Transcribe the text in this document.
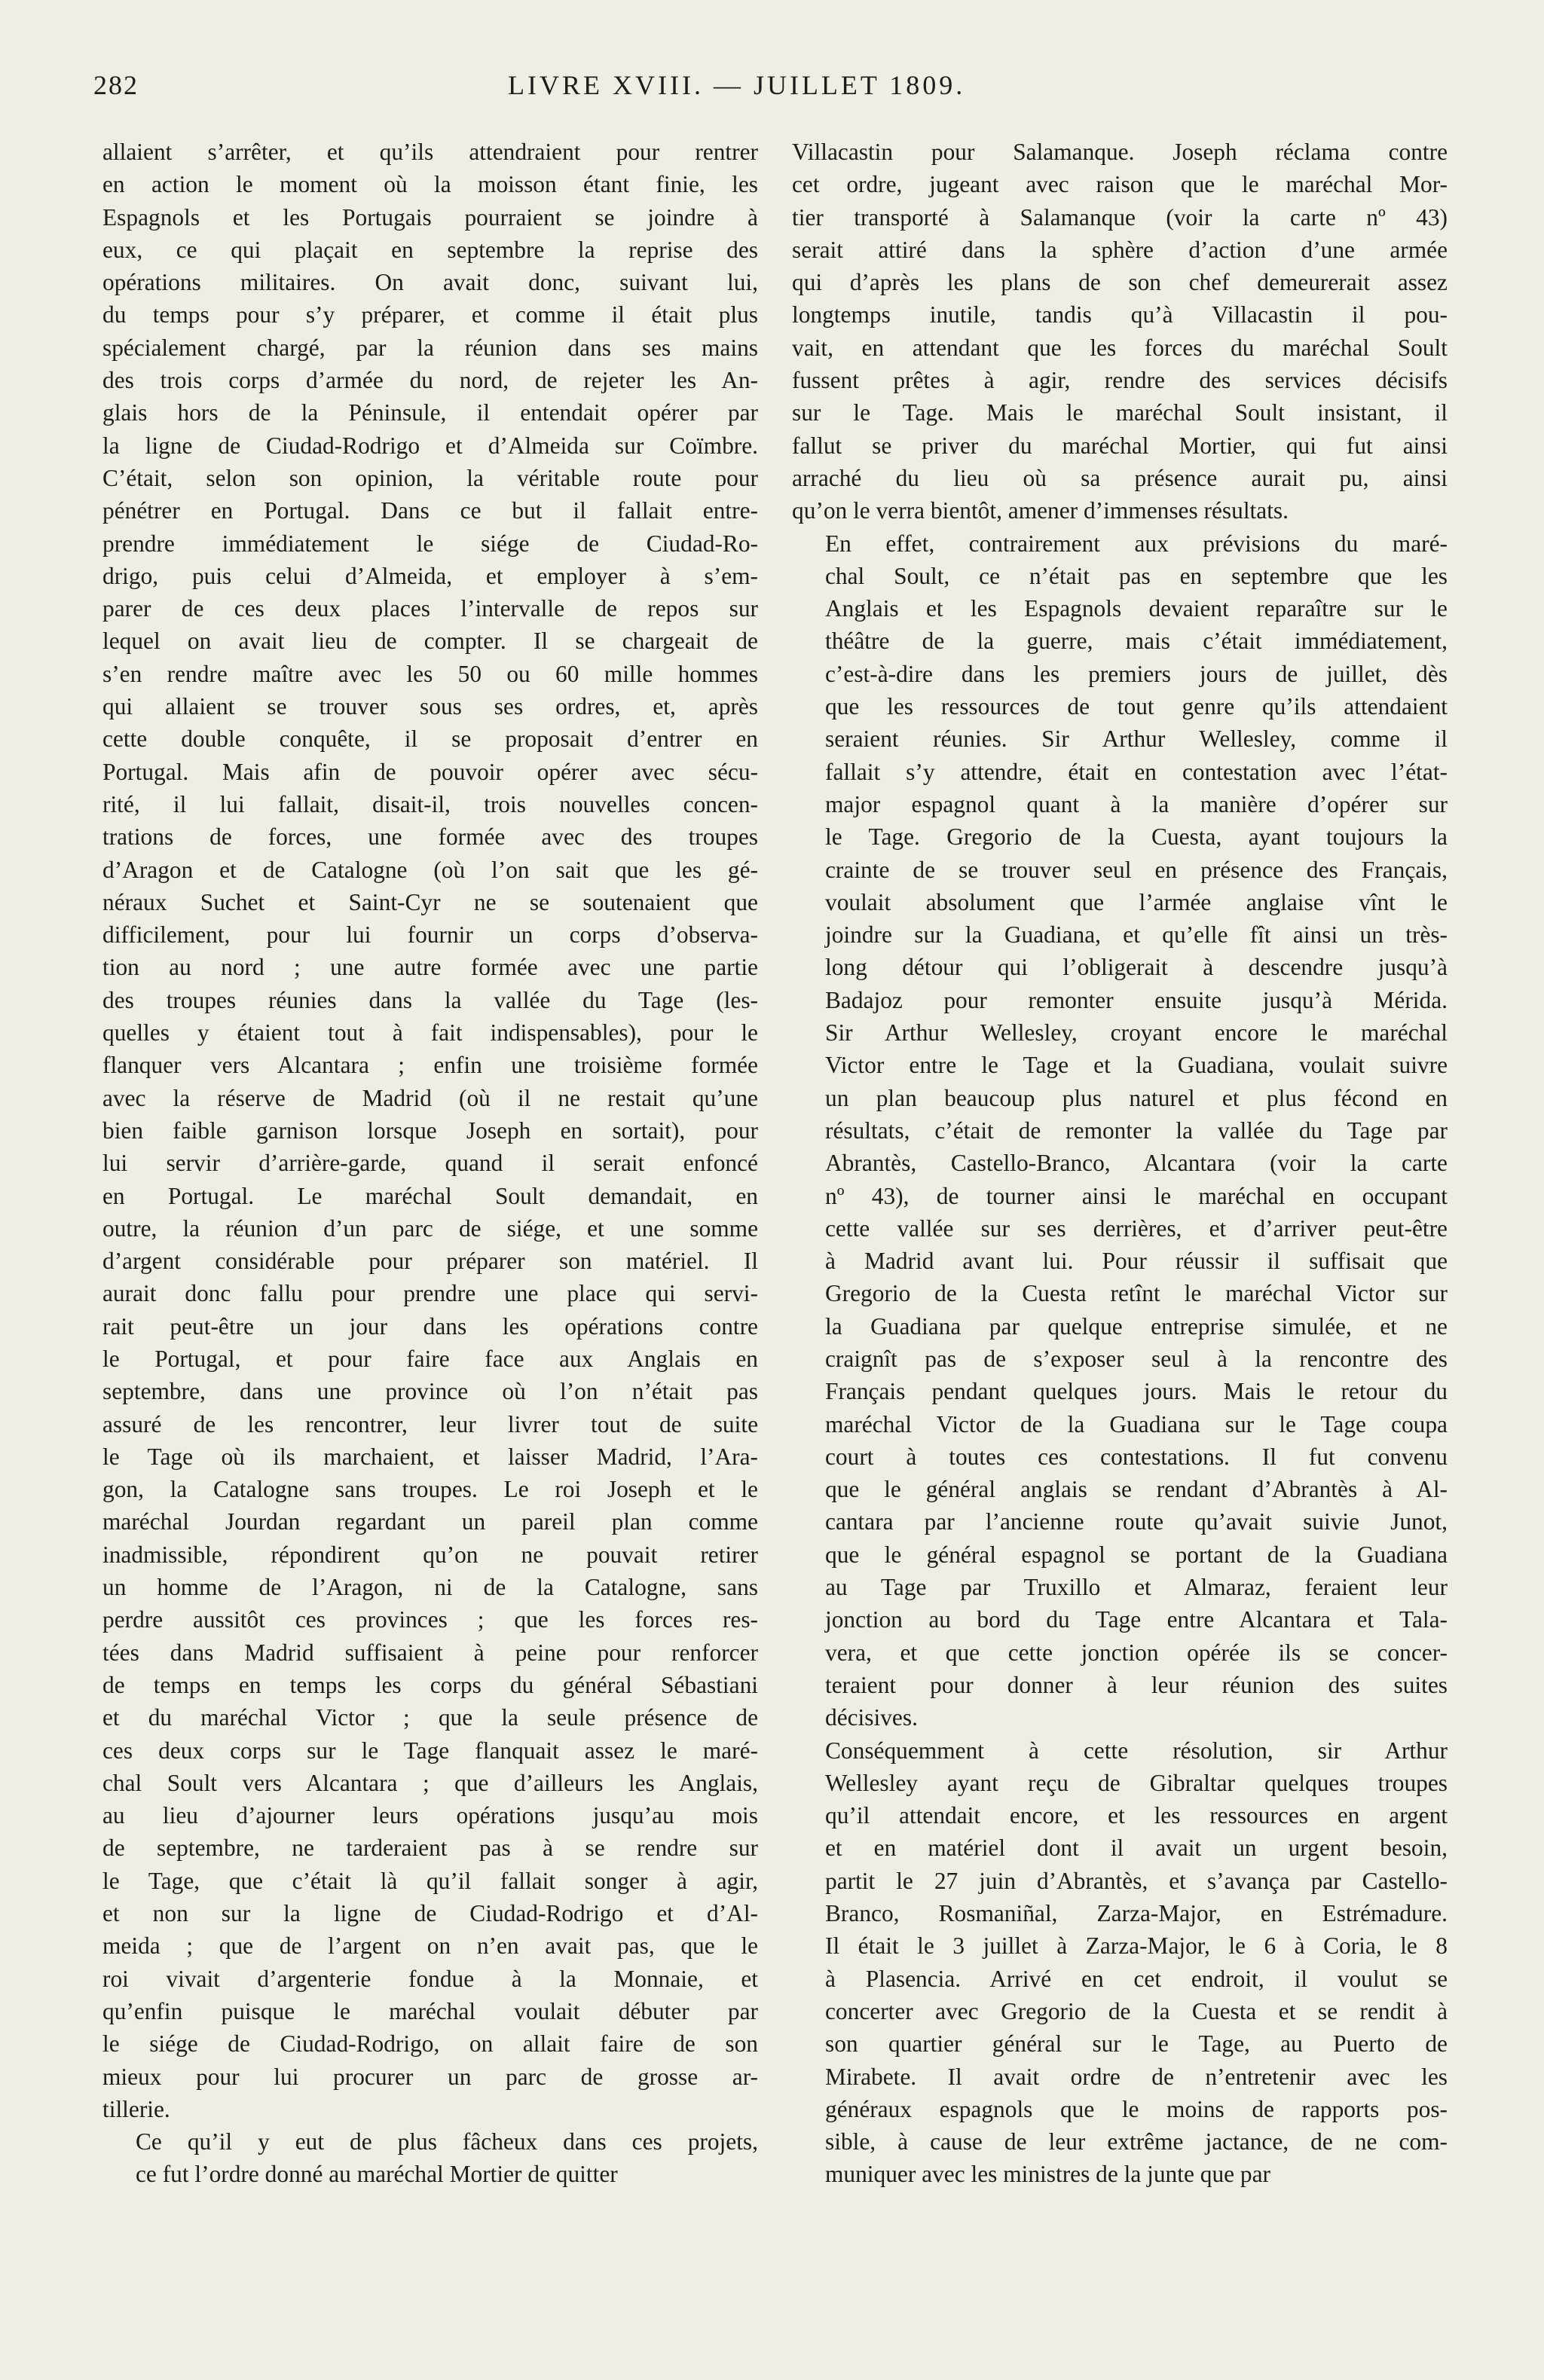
282	LIVRE XVIII. — JUILLET 1809.

allaient s’arrêter, et qu’ils attendraient pour rentrer
en action le moment où la moisson étant finie, les
Espagnols et les Portugais pourraient se joindre à
eux, ce qui plaçait en septembre la reprise des
opérations militaires. On avait donc, suivant lui,
du temps pour s’y préparer, et comme il était plus
spécialement chargé, par la réunion dans ses mains
des trois corps d’armée du nord, de rejeter les An-
glais hors de la Péninsule, il entendait opérer par
la ligne de Ciudad-Rodrigo et d’Almeida sur Coïmbre.
C’était, selon son opinion, la véritable route pour
pénétrer en Portugal. Dans ce but il fallait entre-
prendre immédiatement le siége de Ciudad-Ro-
drigo, puis celui d’Almeida, et employer à s’em-
parer de ces deux places l’intervalle de repos sur
lequel on avait lieu de compter. Il se chargeait de
s’en rendre maître avec les 50 ou 60 mille hommes
qui allaient se trouver sous ses ordres, et, après
cette double conquête, il se proposait d’entrer en
Portugal. Mais afin de pouvoir opérer avec sécu-
rité, il lui fallait, disait-il, trois nouvelles concen-
trations de forces, une formée avec des troupes
d’Aragon et de Catalogne (où l’on sait que les gé-
néraux Suchet et Saint-Cyr ne se soutenaient que
difficilement, pour lui fournir un corps d’observa-
tion au nord ; une autre formée avec une partie
des troupes réunies dans la vallée du Tage (les-
quelles y étaient tout à fait indispensables), pour le
flanquer vers Alcantara ; enfin une troisième formée
avec la réserve de Madrid (où il ne restait qu’une
bien faible garnison lorsque Joseph en sortait), pour
lui servir d’arrière-garde, quand il serait enfoncé
en Portugal. Le maréchal Soult demandait, en
outre, la réunion d’un parc de siége, et une somme
d’argent considérable pour préparer son matériel. Il
aurait donc fallu pour prendre une place qui servi-
rait peut-être un jour dans les opérations contre
le Portugal, et pour faire face aux Anglais en
septembre, dans une province où l’on n’était pas
assuré de les rencontrer, leur livrer tout de suite
le Tage où ils marchaient, et laisser Madrid, l’Ara-
gon, la Catalogne sans troupes. Le roi Joseph et le
maréchal Jourdan regardant un pareil plan comme
inadmissible, répondirent qu’on ne pouvait retirer
un homme de l’Aragon, ni de la Catalogne, sans
perdre aussitôt ces provinces ; que les forces res-
tées dans Madrid suffisaient à peine pour renforcer
de temps en temps les corps du général Sébastiani
et du maréchal Victor ; que la seule présence de
ces deux corps sur le Tage flanquait assez le maré-
chal Soult vers Alcantara ; que d’ailleurs les Anglais,
au lieu d’ajourner leurs opérations jusqu’au mois
de septembre, ne tarderaient pas à se rendre sur
le Tage, que c’était là qu’il fallait songer à agir,
et non sur la ligne de Ciudad-Rodrigo et d’Al-
meida ; que de l’argent on n’en avait pas, que le
roi vivait d’argenterie fondue à la Monnaie, et
qu’enfin puisque le maréchal voulait débuter par
le siége de Ciudad-Rodrigo, on allait faire de son
mieux pour lui procurer un parc de grosse ar-
tillerie.

Ce qu’il y eut de plus fâcheux dans ces projets,
ce fut l’ordre donné au maréchal Mortier de quitter

Villacastin pour Salamanque. Joseph réclama contre
cet ordre, jugeant avec raison que le maréchal Mor-
tier transporté à Salamanque (voir la carte nº 43)
serait attiré dans la sphère d’action d’une armée
qui d’après les plans de son chef demeurerait assez
longtemps inutile, tandis qu’à Villacastin il pou-
vait, en attendant que les forces du maréchal Soult
fussent prêtes à agir, rendre des services décisifs
sur le Tage. Mais le maréchal Soult insistant, il
fallut se priver du maréchal Mortier, qui fut ainsi
arraché du lieu où sa présence aurait pu, ainsi
qu’on le verra bientôt, amener d’immenses résultats.

En effet, contrairement aux prévisions du maré-
chal Soult, ce n’était pas en septembre que les
Anglais et les Espagnols devaient reparaître sur le
théâtre de la guerre, mais c’était immédiatement,
c’est-à-dire dans les premiers jours de juillet, dès
que les ressources de tout genre qu’ils attendaient
seraient réunies. Sir Arthur Wellesley, comme il
fallait s’y attendre, était en contestation avec l’état-
major espagnol quant à la manière d’opérer sur
le Tage. Gregorio de la Cuesta, ayant toujours la
crainte de se trouver seul en présence des Français,
voulait absolument que l’armée anglaise vînt le
joindre sur la Guadiana, et qu’elle fît ainsi un très-
long détour qui l’obligerait à descendre jusqu’à
Badajoz pour remonter ensuite jusqu’à Mérida.
Sir Arthur Wellesley, croyant encore le maréchal
Victor entre le Tage et la Guadiana, voulait suivre
un plan beaucoup plus naturel et plus fécond en
résultats, c’était de remonter la vallée du Tage par
Abrantès, Castello-Branco, Alcantara (voir la carte
nº 43), de tourner ainsi le maréchal en occupant
cette vallée sur ses derrières, et d’arriver peut-être
à Madrid avant lui. Pour réussir il suffisait que
Gregorio de la Cuesta retînt le maréchal Victor sur
la Guadiana par quelque entreprise simulée, et ne
craignît pas de s’exposer seul à la rencontre des
Français pendant quelques jours. Mais le retour du
maréchal Victor de la Guadiana sur le Tage coupa
court à toutes ces contestations. Il fut convenu
que le général anglais se rendant d’Abrantès à Al-
cantara par l’ancienne route qu’avait suivie Junot,
que le général espagnol se portant de la Guadiana
au Tage par Truxillo et Almaraz, feraient leur
jonction au bord du Tage entre Alcantara et Tala-
vera, et que cette jonction opérée ils se concer-
teraient pour donner à leur réunion des suites
décisives.

Conséquemment à cette résolution, sir Arthur
Wellesley ayant reçu de Gibraltar quelques troupes
qu’il attendait encore, et les ressources en argent
et en matériel dont il avait un urgent besoin,
partit le 27 juin d’Abrantès, et s’avança par Castello-
Branco, Rosmaniñal, Zarza-Major, en Estrémadure.
Il était le 3 juillet à Zarza-Major, le 6 à Coria, le 8
à Plasencia. Arrivé en cet endroit, il voulut se
concerter avec Gregorio de la Cuesta et se rendit à
son quartier général sur le Tage, au Puerto de
Mirabete. Il avait ordre de n’entretenir avec les
généraux espagnols que le moins de rapports pos-
sible, à cause de leur extrême jactance, de ne com-
muniquer avec les ministres de la junte que par
